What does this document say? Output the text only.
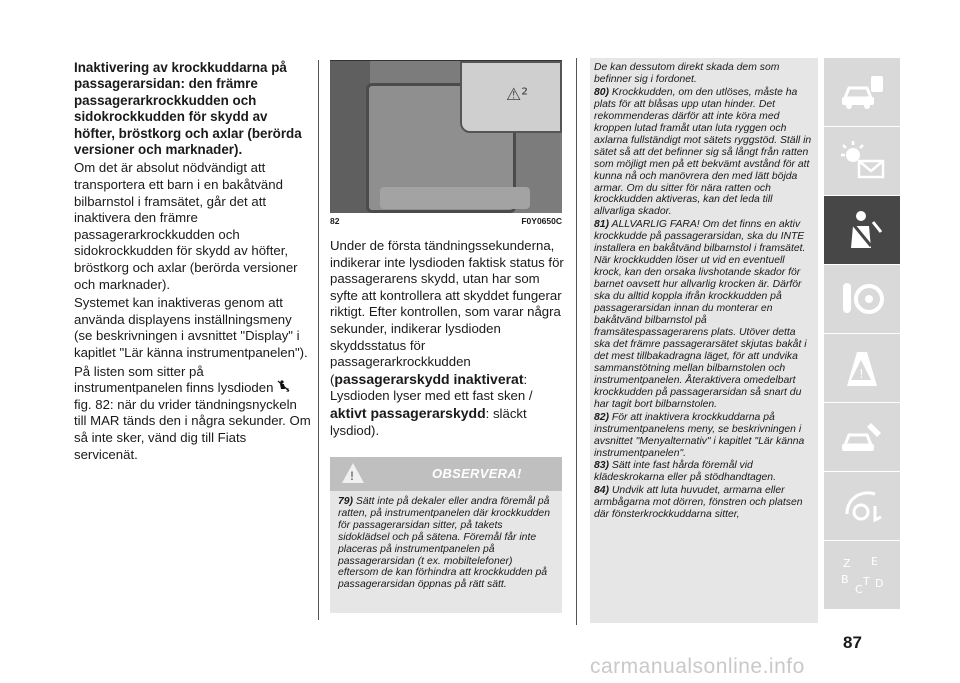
Inaktivering av krockkuddarna på passagerarsidan: den främre passagerarkrockkudden och sidokrockkudden för skydd av höfter, bröstkorg och axlar (berörda versioner och marknader).

Om det är absolut nödvändigt att transportera ett barn i en bakåtvänd bilbarnstol i framsätet, går det att inaktivera den främre passagerarkrockkudden och sidokrockkudden för skydd av höfter, bröstkorg och axlar (berörda versioner och marknader).

Systemet kan inaktiveras genom att använda displayens inställningsmeny (se beskrivningen i avsnittet "Display" i kapitlet "Lär känna instrumentpanelen").

På listen som sitter på instrumentpanelen finns lysdioden	2
fig. 82: när du vrider tändningsnyckeln till MAR tänds den i några sekunder. Om så inte sker, vänd dig till Fiats servicenät.

⚠²
82	F0Y0650C
Under de första tändningssekunderna, indikerar inte lysdioden faktisk status för passagerarens skydd, utan har som syfte att kontrollera att skyddet fungerar riktigt. Efter kontrollen, som varar några sekunder, indikerar lysdioden skyddsstatus för passagerarkrockkudden (passagerarskydd inaktiverat: Lysdioden lyser med ett fast sken / aktivt passagerarskydd: släckt lysdiod).
!	OBSERVERA!
79) Sätt inte på dekaler eller andra föremål på ratten, på instrumentpanelen där krockkudden för passagerarsidan sitter, på takets sidoklädsel och på sätena. Föremål får inte placeras på instrumentpanelen på passagerarsidan (t ex. mobiltelefoner) eftersom de kan förhindra att krockkudden på passagerarsidan öppnas på rätt sätt.

De kan dessutom direkt skada dem som befinner sig i fordonet.

80) Krockkudden, om den utlöses, måste ha plats för att blåsas upp utan hinder. Det rekommenderas därför att inte köra med kroppen lutad framåt utan luta ryggen och axlarna fullständigt mot sätets ryggstöd. Ställ in sätet så att det befinner sig så långt från ratten som möjligt men på ett bekvämt avstånd för att kunna nå och manövrera den med lätt böjda armar. Om du sitter för nära ratten och krockkudden aktiveras, kan det leda till allvarliga skador.

81) ALLVARLIG FARA! Om det finns en aktiv krockkudde på passagerarsidan, ska du INTE installera en bakåtvänd bilbarnstol i framsätet. När krockkudden löser ut vid en eventuell krock, kan den orsaka livshotande skador för barnet oavsett hur allvarlig krocken är. Därför ska du alltid koppla ifrån krockkudden på passagerarsidan innan du monterar en bakåtvänd bilbarnstol på framsätespassagerarens plats. Utöver detta ska det främre passagerarsätet skjutas bakåt i det mest tillbakadragna läget, för att undvika sammanstötning mellan bilbarnstolen och instrumentpanelen. Återaktivera omedelbart krockkudden på passagerarsidan så snart du har tagit bort bilbarnstolen.

82) För att inaktivera krockkuddarna på instrumentpanelens meny, se beskrivningen i avsnittet "Menyalternativ" i kapitlet "Lär känna instrumentpanelen".

83) Sätt inte fast hårda föremål vid klädeskrokarna eller på stödhandtagen.

84) Undvik att luta huvudet, armarna eller armbågarna mot dörren, fönstren och platsen där fönsterkrockkuddarna sitter,

!
Z E
B
C
T D
87
carmanualsonline.info
